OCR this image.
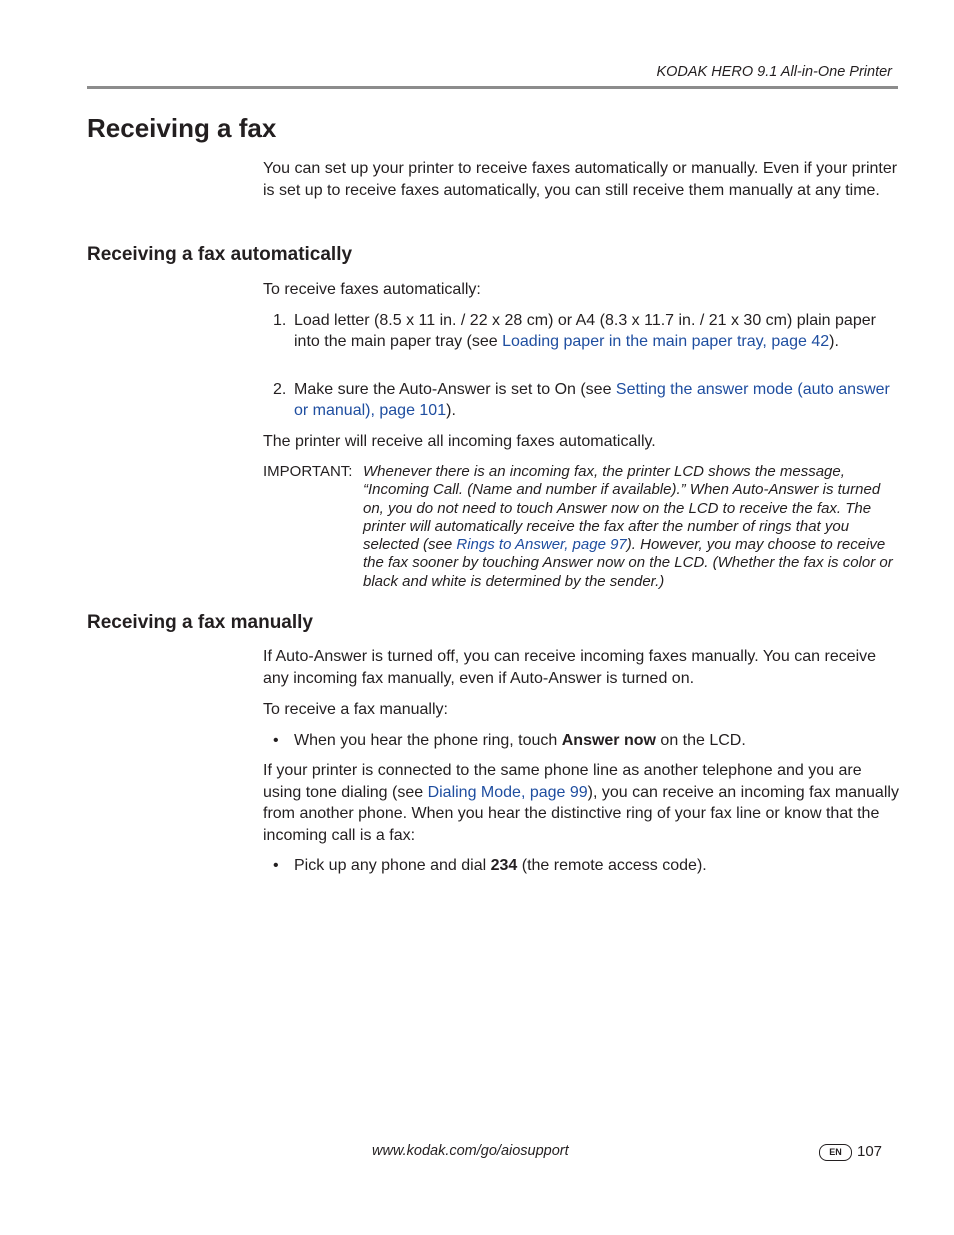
KODAK HERO 9.1 All-in-One Printer
Receiving a fax

You can set up your printer to receive faxes automatically or manually. Even if your printer is set up to receive faxes automatically, you can still receive them manually at any time.

Receiving a fax automatically

To receive faxes automatically:

1. Load letter (8.5 x 11 in. / 22 x 28 cm) or A4 (8.3 x 11.7 in. / 21 x 30 cm) plain paper into the main paper tray (see Loading paper in the main paper tray, page 42).
2. Make sure the Auto-Answer is set to On (see Setting the answer mode (auto answer or manual), page 101).

The printer will receive all incoming faxes automatically.

IMPORTANT: Whenever there is an incoming fax, the printer LCD shows the message, “Incoming Call. (Name and number if available).” When Auto-Answer is turned on, you do not need to touch Answer now on the LCD to receive the fax. The printer will automatically receive the fax after the number of rings that you selected (see Rings to Answer, page 97). However, you may choose to receive the fax sooner by touching Answer now on the LCD. (Whether the fax is color or black and white is determined by the sender.)
Receiving a fax manually

If Auto-Answer is turned off, you can receive incoming faxes manually. You can receive any incoming fax manually, even if Auto-Answer is turned on.

To receive a fax manually:

• When you hear the phone ring, touch Answer now on the LCD.

If your printer is connected to the same phone line as another telephone and you are using tone dialing (see Dialing Mode, page 99), you can receive an incoming fax manually from another phone. When you hear the distinctive ring of your fax line or know that the incoming call is a fax:

• Pick up any phone and dial 234 (the remote access code).
www.kodak.com/go/aiosupport	EN 107
